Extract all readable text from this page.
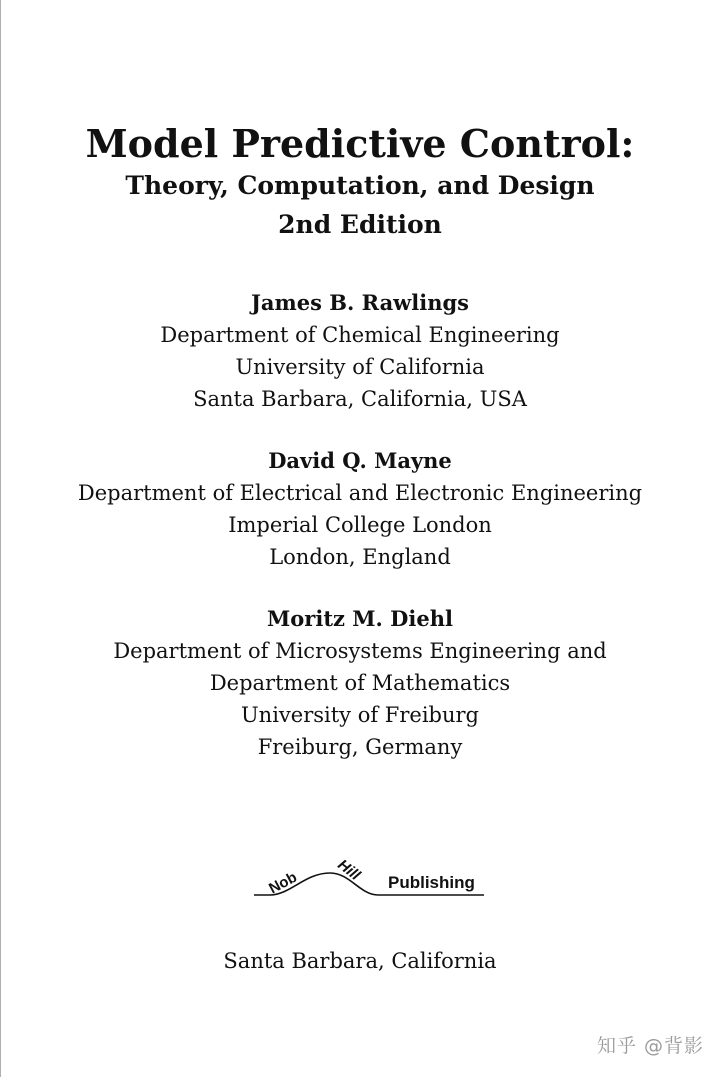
Model Predictive Control:
Theory, Computation, and Design
2nd Edition
James B. Rawlings
Department of Chemical Engineering
University of California
Santa Barbara, California, USA
David Q. Mayne
Department of Electrical and Electronic Engineering
Imperial College London
London, England
Moritz M. Diehl
Department of Microsystems Engineering and
Department of Mathematics
University of Freiburg
Freiburg, Germany
Nob Hill Publishing
Santa Barbara, California
知乎 @背影
